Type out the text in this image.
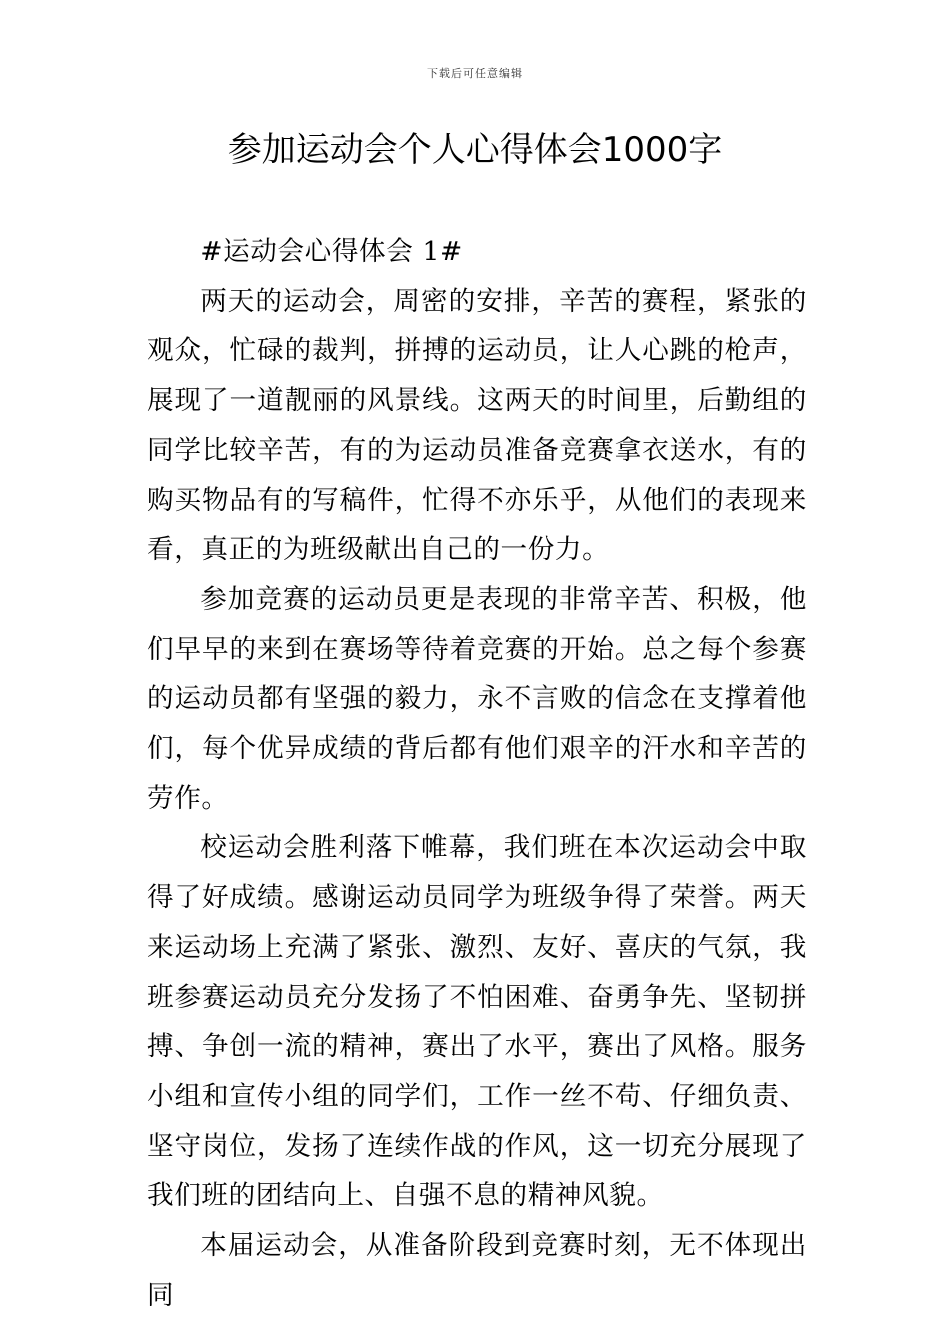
下载后可任意编辑
参加运动会个人心得体会1000字

#运动会心得体会 1#

两天的运动会，周密的安排，辛苦的赛程，紧张的观众，忙碌的裁判，拼搏的运动员，让人心跳的枪声，展现了一道靓丽的风景线。这两天的时间里，后勤组的同学比较辛苦，有的为运动员准备竞赛拿衣送水，有的购买物品有的写稿件，忙得不亦乐乎，从他们的表现来看，真正的为班级献出自己的一份力。

参加竞赛的运动员更是表现的非常辛苦、积极，他们早早的来到在赛场等待着竞赛的开始。总之每个参赛的运动员都有坚强的毅力，永不言败的信念在支撑着他们，每个优异成绩的背后都有他们艰辛的汗水和辛苦的劳作。

校运动会胜利落下帷幕，我们班在本次运动会中取得了好成绩。感谢运动员同学为班级争得了荣誉。两天来运动场上充满了紧张、激烈、友好、喜庆的气氛，我班参赛运动员充分发扬了不怕困难、奋勇争先、坚韧拼搏、争创一流的精神，赛出了水平，赛出了风格。服务小组和宣传小组的同学们，工作一丝不苟、仔细负责、坚守岗位，发扬了连续作战的作风，这一切充分展现了我们班的团结向上、自强不息的精神风貌。

本届运动会，从准备阶段到竞赛时刻，无不体现出同
